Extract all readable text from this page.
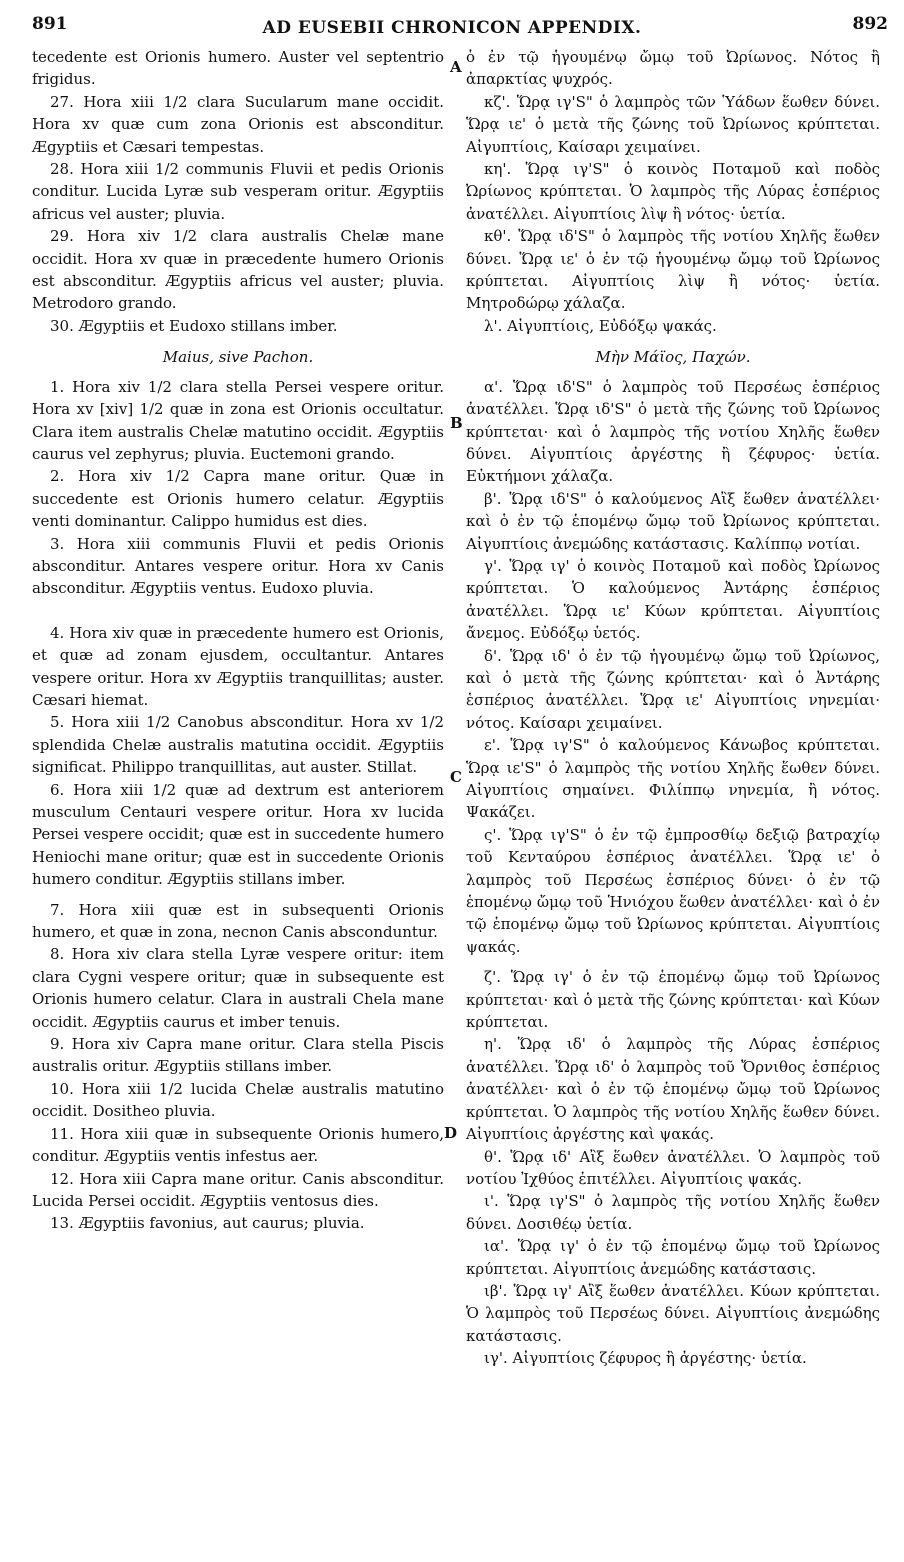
891	AD EUSEBII CHRONICON APPENDIX.	892
A
B
C
D

tecedente est Orionis humero. Auster vel septentrio frigidus.

27. Hora xiii 1/2 clara Sucularum mane occidit. Hora xv quæ cum zona Orionis est absconditur. Ægyptiis et Cæsari tempestas.

28. Hora xiii 1/2 communis Fluvii et pedis Orionis conditur. Lucida Lyræ sub vesperam oritur. Ægyptiis africus vel auster; pluvia.

29. Hora xiv 1/2 clara australis Chelæ mane occidit. Hora xv quæ in præcedente humero Orionis est absconditur. Ægyptiis africus vel auster; pluvia. Metrodoro grando.

30. Ægyptiis et Eudoxo stillans imber.

Maius, sive Pachon.

1. Hora xiv 1/2 clara stella Persei vespere oritur. Hora xv [xiv] 1/2 quæ in zona est Orionis occultatur. Clara item australis Chelæ matutino occidit. Ægyptiis caurus vel zephyrus; pluvia. Euctemoni grando.

2. Hora xiv 1/2 Capra mane oritur. Quæ in succedente est Orionis humero celatur. Ægyptiis venti dominantur. Calippo humidus est dies.

3. Hora xiii communis Fluvii et pedis Orionis absconditur. Antares vespere oritur. Hora xv Canis absconditur. Ægyptiis ventus. Eudoxo pluvia.

4. Hora xiv quæ in præcedente humero est Orionis, et quæ ad zonam ejusdem, occultantur. Antares vespere oritur. Hora xv Ægyptiis tranquillitas; auster. Cæsari hiemat.

5. Hora xiii 1/2 Canobus absconditur. Hora xv 1/2 splendida Chelæ australis matutina occidit. Ægyptiis significat. Philippo tranquillitas, aut auster. Stillat.

6. Hora xiii 1/2 quæ ad dextrum est anteriorem musculum Centauri vespere oritur. Hora xv lucida Persei vespere occidit; quæ est in succedente humero Heniochi mane oritur; quæ est in succedente Orionis humero conditur. Ægyptiis stillans imber.

7. Hora xiii quæ est in subsequenti Orionis humero, et quæ in zona, necnon Canis absconduntur.

8. Hora xiv clara stella Lyræ vespere oritur: item clara Cygni vespere oritur; quæ in subsequente est Orionis humero celatur. Clara in australi Chela mane occidit. Ægyptiis caurus et imber tenuis.

9. Hora xiv Capra mane oritur. Clara stella Piscis australis oritur. Ægyptiis stillans imber.

10. Hora xiii 1/2 lucida Chelæ australis matutino occidit. Dositheo pluvia.

11. Hora xiii quæ in subsequente Orionis humero, conditur. Ægyptiis ventis infestus aer.

12. Hora xiii Capra mane oritur. Canis absconditur. Lucida Persei occidit. Ægyptiis ventosus dies.

13. Ægyptiis favonius, aut caurus; pluvia.

ὁ ἐν τῷ ἡγουμένῳ ὤμῳ τοῦ Ὠρίωνος. Νότος ἢ ἀπαρκτίας ψυχρός.

κζ'. Ὥρᾳ ιγ'S" ὁ λαμπρὸς τῶν Ὑάδων ἕωθεν δύνει. Ὥρᾳ ιε' ὁ μετὰ τῆς ζώνης τοῦ Ὠρίωνος κρύπτεται. Αἰγυπτίοις, Καίσαρι χειμαίνει.

κη'. Ὥρᾳ ιγ'S" ὁ κοινὸς Ποταμοῦ καὶ ποδὸς Ὠρίωνος κρύπτεται. Ὁ λαμπρὸς τῆς Λύρας ἑσπέριος ἀνατέλλει. Αἰγυπτίοις λὶψ ἢ νότος· ὑετία.

κθ'. Ὥρᾳ ιδ'S" ὁ λαμπρὸς τῆς νοτίου Χηλῆς ἕωθεν δύνει. Ὥρᾳ ιε' ὁ ἐν τῷ ἡγουμένῳ ὤμῳ τοῦ Ὠρίωνος κρύπτεται. Αἰγυπτίοις λὶψ ἢ νότος· ὑετία. Μητροδώρῳ χάλαζα.

λ'. Αἰγυπτίοις, Εὐδόξῳ ψακάς.

Μὴν Μάϊος, Παχών.

α'. Ὥρᾳ ιδ'S" ὁ λαμπρὸς τοῦ Περσέως ἑσπέριος ἀνατέλλει. Ὥρᾳ ιδ'S" ὁ μετὰ τῆς ζώνης τοῦ Ὠρίωνος κρύπτεται· καὶ ὁ λαμπρὸς τῆς νοτίου Χηλῆς ἕωθεν δύνει. Αἰγυπτίοις ἀργέστης ἢ ζέφυρος· ὑετία. Εὐκτήμονι χάλαζα.

β'. Ὥρᾳ ιδ'S" ὁ καλούμενος Αἲξ ἕωθεν ἀνατέλλει· καὶ ὁ ἐν τῷ ἑπομένῳ ὤμῳ τοῦ Ὠρίωνος κρύπτεται. Αἰγυπτίοις ἀνεμώδης κατάστασις. Καλίππῳ νοτίαι.

γ'. Ὥρᾳ ιγ' ὁ κοινὸς Ποταμοῦ καὶ ποδὸς Ὠρίωνος κρύπτεται. Ὁ καλούμενος Ἀντάρης ἑσπέριος ἀνατέλλει. Ὥρᾳ ιε' Κύων κρύπτεται. Αἰγυπτίοις ἄνεμος. Εὐδόξῳ ὑετός.

δ'. Ὥρᾳ ιδ' ὁ ἐν τῷ ἡγουμένῳ ὤμῳ τοῦ Ὠρίωνος, καὶ ὁ μετὰ τῆς ζώνης κρύπτεται· καὶ ὁ Ἀντάρης ἑσπέριος ἀνατέλλει. Ὥρᾳ ιε' Αἰγυπτίοις νηνεμίαι· νότος. Καίσαρι χειμαίνει.

ε'. Ὥρᾳ ιγ'S" ὁ καλούμενος Κάνωβος κρύπτεται. Ὥρᾳ ιε'S" ὁ λαμπρὸς τῆς νοτίου Χηλῆς ἕωθεν δύνει. Αἰγυπτίοις σημαίνει. Φιλίππῳ νηνεμία, ἢ νότος. Ψακάζει.

ς'. Ὥρᾳ ιγ'S" ὁ ἐν τῷ ἐμπροσθίῳ δεξιῷ βατραχίῳ τοῦ Κενταύρου ἑσπέριος ἀνατέλλει. Ὥρᾳ ιε' ὁ λαμπρὸς τοῦ Περσέως ἑσπέριος δύνει· ὁ ἐν τῷ ἑπομένῳ ὤμῳ τοῦ Ἡνιόχου ἕωθεν ἀνατέλλει· καὶ ὁ ἐν τῷ ἑπομένῳ ὤμῳ τοῦ Ὠρίωνος κρύπτεται. Αἰγυπτίοις ψακάς.

ζ'. Ὥρᾳ ιγ' ὁ ἐν τῷ ἑπομένῳ ὤμῳ τοῦ Ὠρίωνος κρύπτεται· καὶ ὁ μετὰ τῆς ζώνης κρύπτεται· καὶ Κύων κρύπτεται.

η'. Ὥρᾳ ιδ' ὁ λαμπρὸς τῆς Λύρας ἑσπέριος ἀνατέλλει. Ὥρᾳ ιδ' ὁ λαμπρὸς τοῦ Ὄρνιθος ἑσπέριος ἀνατέλλει· καὶ ὁ ἐν τῷ ἑπομένῳ ὤμῳ τοῦ Ὠρίωνος κρύπτεται. Ὁ λαμπρὸς τῆς νοτίου Χηλῆς ἕωθεν δύνει. Αἰγυπτίοις ἀργέστης καὶ ψακάς.

θ'. Ὥρᾳ ιδ' Αἲξ ἕωθεν ἀνατέλλει. Ὁ λαμπρὸς τοῦ νοτίου Ἰχθύος ἐπιτέλλει. Αἰγυπτίοις ψακάς.

ι'. Ὥρᾳ ιγ'S" ὁ λαμπρὸς τῆς νοτίου Χηλῆς ἕωθεν δύνει. Δοσιθέῳ ὑετία.

ια'. Ὥρᾳ ιγ' ὁ ἐν τῷ ἑπομένῳ ὤμῳ τοῦ Ὠρίωνος κρύπτεται. Αἰγυπτίοις ἀνεμώδης κατάστασις.

ιβ'. Ὥρᾳ ιγ' Αἲξ ἕωθεν ἀνατέλλει. Κύων κρύπτεται. Ὁ λαμπρὸς τοῦ Περσέως δύνει. Αἰγυπτίοις ἀνεμώδης κατάστασις.

ιγ'. Αἰγυπτίοις ζέφυρος ἢ ἀργέστης· ὑετία.
